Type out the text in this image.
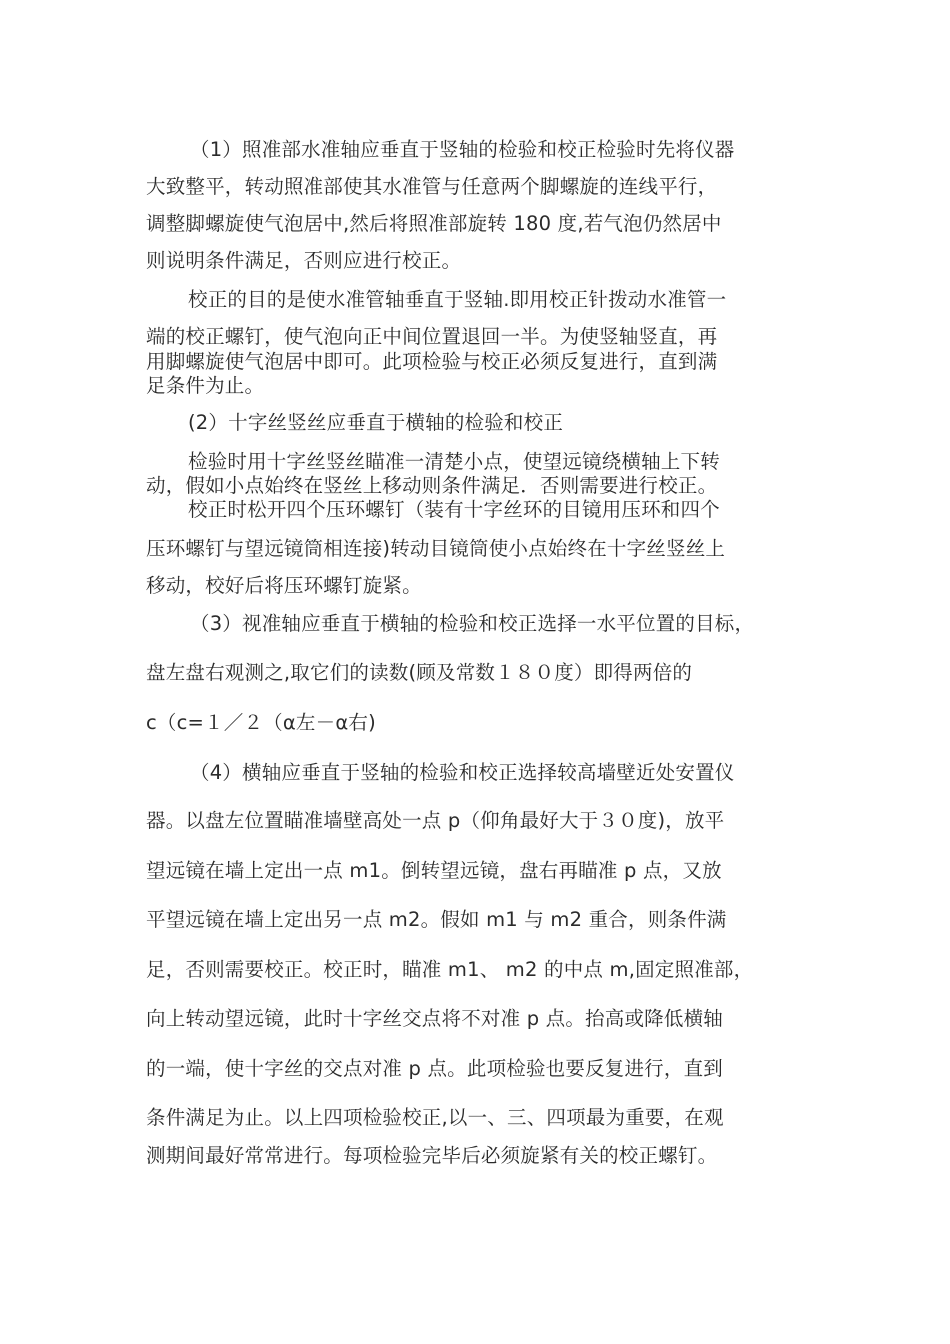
（1）照准部水准轴应垂直于竖轴的检验和校正检验时先将仪器

大致整平，转动照准部使其水准管与任意两个脚螺旋的连线平行，

调整脚螺旋使气泡居中,然后将照准部旋转 180 度,若气泡仍然居中

则说明条件满足，否则应进行校正。

校正的目的是使水准管轴垂直于竖轴.即用校正针拨动水准管一

端的校正螺钉，使气泡向正中间位置退回一半。为使竖轴竖直，再

用脚螺旋使气泡居中即可。此项检验与校正必须反复进行，直到满

足条件为止。

(2）十字丝竖丝应垂直于横轴的检验和校正

检验时用十字丝竖丝瞄准一清楚小点，使望远镜绕横轴上下转

动，假如小点始终在竖丝上移动则条件满足．否则需要进行校正。

校正时松开四个压环螺钉（装有十字丝环的目镜用压环和四个

压环螺钉与望远镜筒相连接)转动目镜筒使小点始终在十字丝竖丝上

移动，校好后将压环螺钉旋紧。

（3）视准轴应垂直于横轴的检验和校正选择一水平位置的目标，

盘左盘右观测之,取它们的读数(顾及常数１８０度）即得两倍的

c（c=１／２（α左－α右)

（4）横轴应垂直于竖轴的检验和校正选择较高墙壁近处安置仪

器。以盘左位置瞄准墙壁高处一点 p（仰角最好大于３０度)，放平

望远镜在墙上定出一点 m1。倒转望远镜，盘右再瞄准 p 点，又放

平望远镜在墙上定出另一点 m2。假如 m1 与 m2 重合，则条件满

足，否则需要校正。校正时，瞄准 m1、 m2 的中点 m,固定照准部，

向上转动望远镜，此时十字丝交点将不对准 p 点。抬高或降低横轴

的一端，使十字丝的交点对准 p 点。此项检验也要反复进行，直到

条件满足为止。以上四项检验校正,以一、三、四项最为重要，在观

测期间最好常常进行。每项检验完毕后必须旋紧有关的校正螺钉。
